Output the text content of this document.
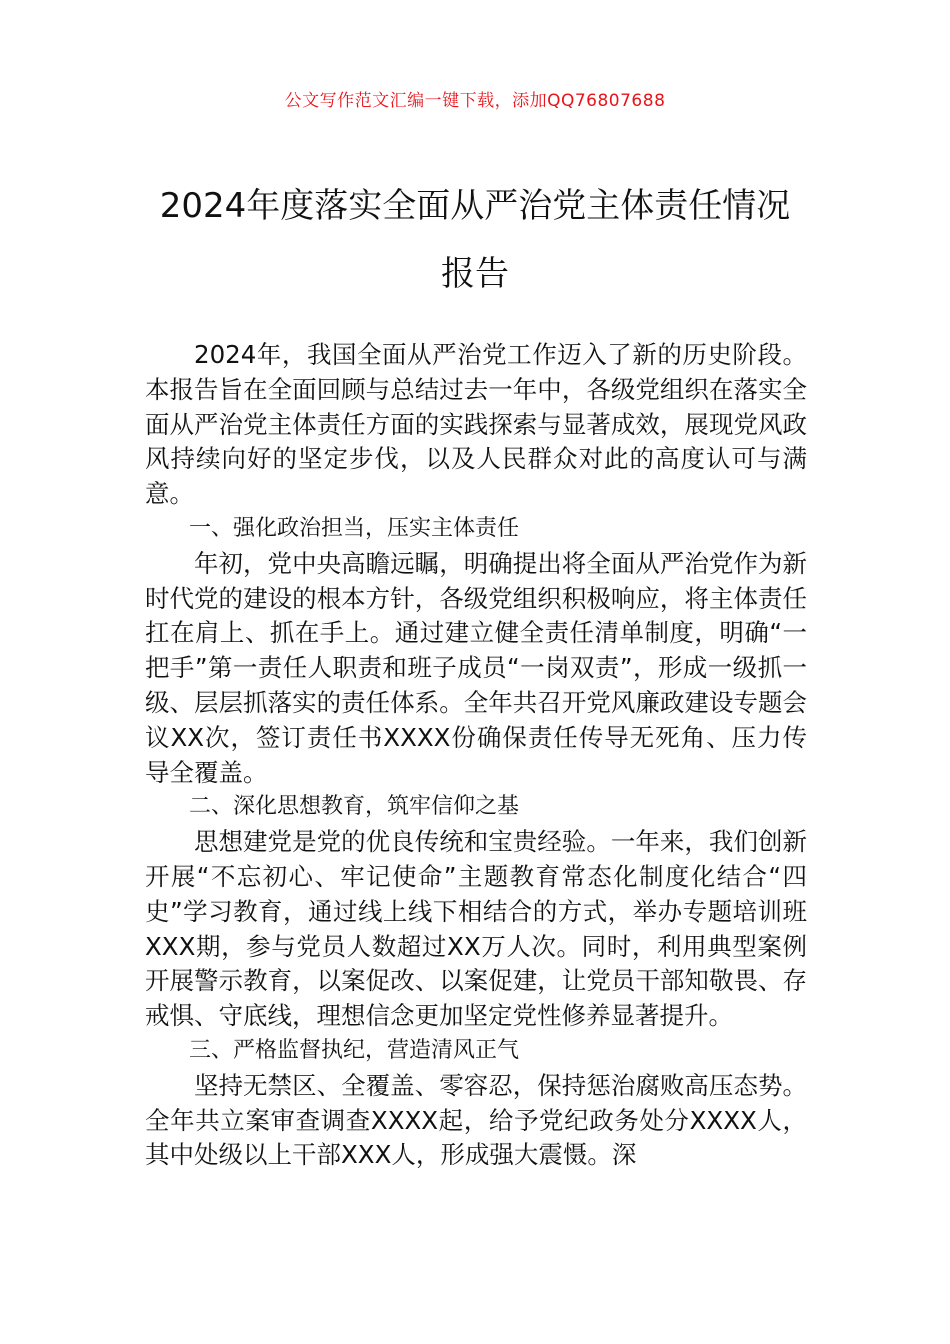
公文写作范文汇编一键下载，添加QQ76807688
2024年度落实全面从严治党主体责任情况
报告

2024年，我国全面从严治党工作迈入了新的历史阶段。本报告旨在全面回顾与总结过去一年中，各级党组织在落实全面从严治党主体责任方面的实践探索与显著成效，展现党风政风持续向好的坚定步伐，以及人民群众对此的高度认可与满意。

一、强化政治担当，压实主体责任

年初，党中央高瞻远瞩，明确提出将全面从严治党作为新时代党的建设的根本方针，各级党组织积极响应，将主体责任扛在肩上、抓在手上。通过建立健全责任清单制度，明确“一把手”第一责任人职责和班子成员“一岗双责”，形成一级抓一级、层层抓落实的责任体系。全年共召开党风廉政建设专题会议XX次，签订责任书XXXX份确保责任传导无死角、压力传导全覆盖。

二、深化思想教育，筑牢信仰之基

思想建党是党的优良传统和宝贵经验。一年来，我们创新开展“不忘初心、牢记使命”主题教育常态化制度化结合“四史”学习教育，通过线上线下相结合的方式，举办专题培训班XXX期，参与党员人数超过XX万人次。同时，利用典型案例开展警示教育，以案促改、以案促建，让党员干部知敬畏、存戒惧、守底线，理想信念更加坚定党性修养显著提升。

三、严格监督执纪，营造清风正气

坚持无禁区、全覆盖、零容忍，保持惩治腐败高压态势。全年共立案审查调查XXXX起，给予党纪政务处分XXXX人，其中处级以上干部XXX人，形成强大震慑。深
